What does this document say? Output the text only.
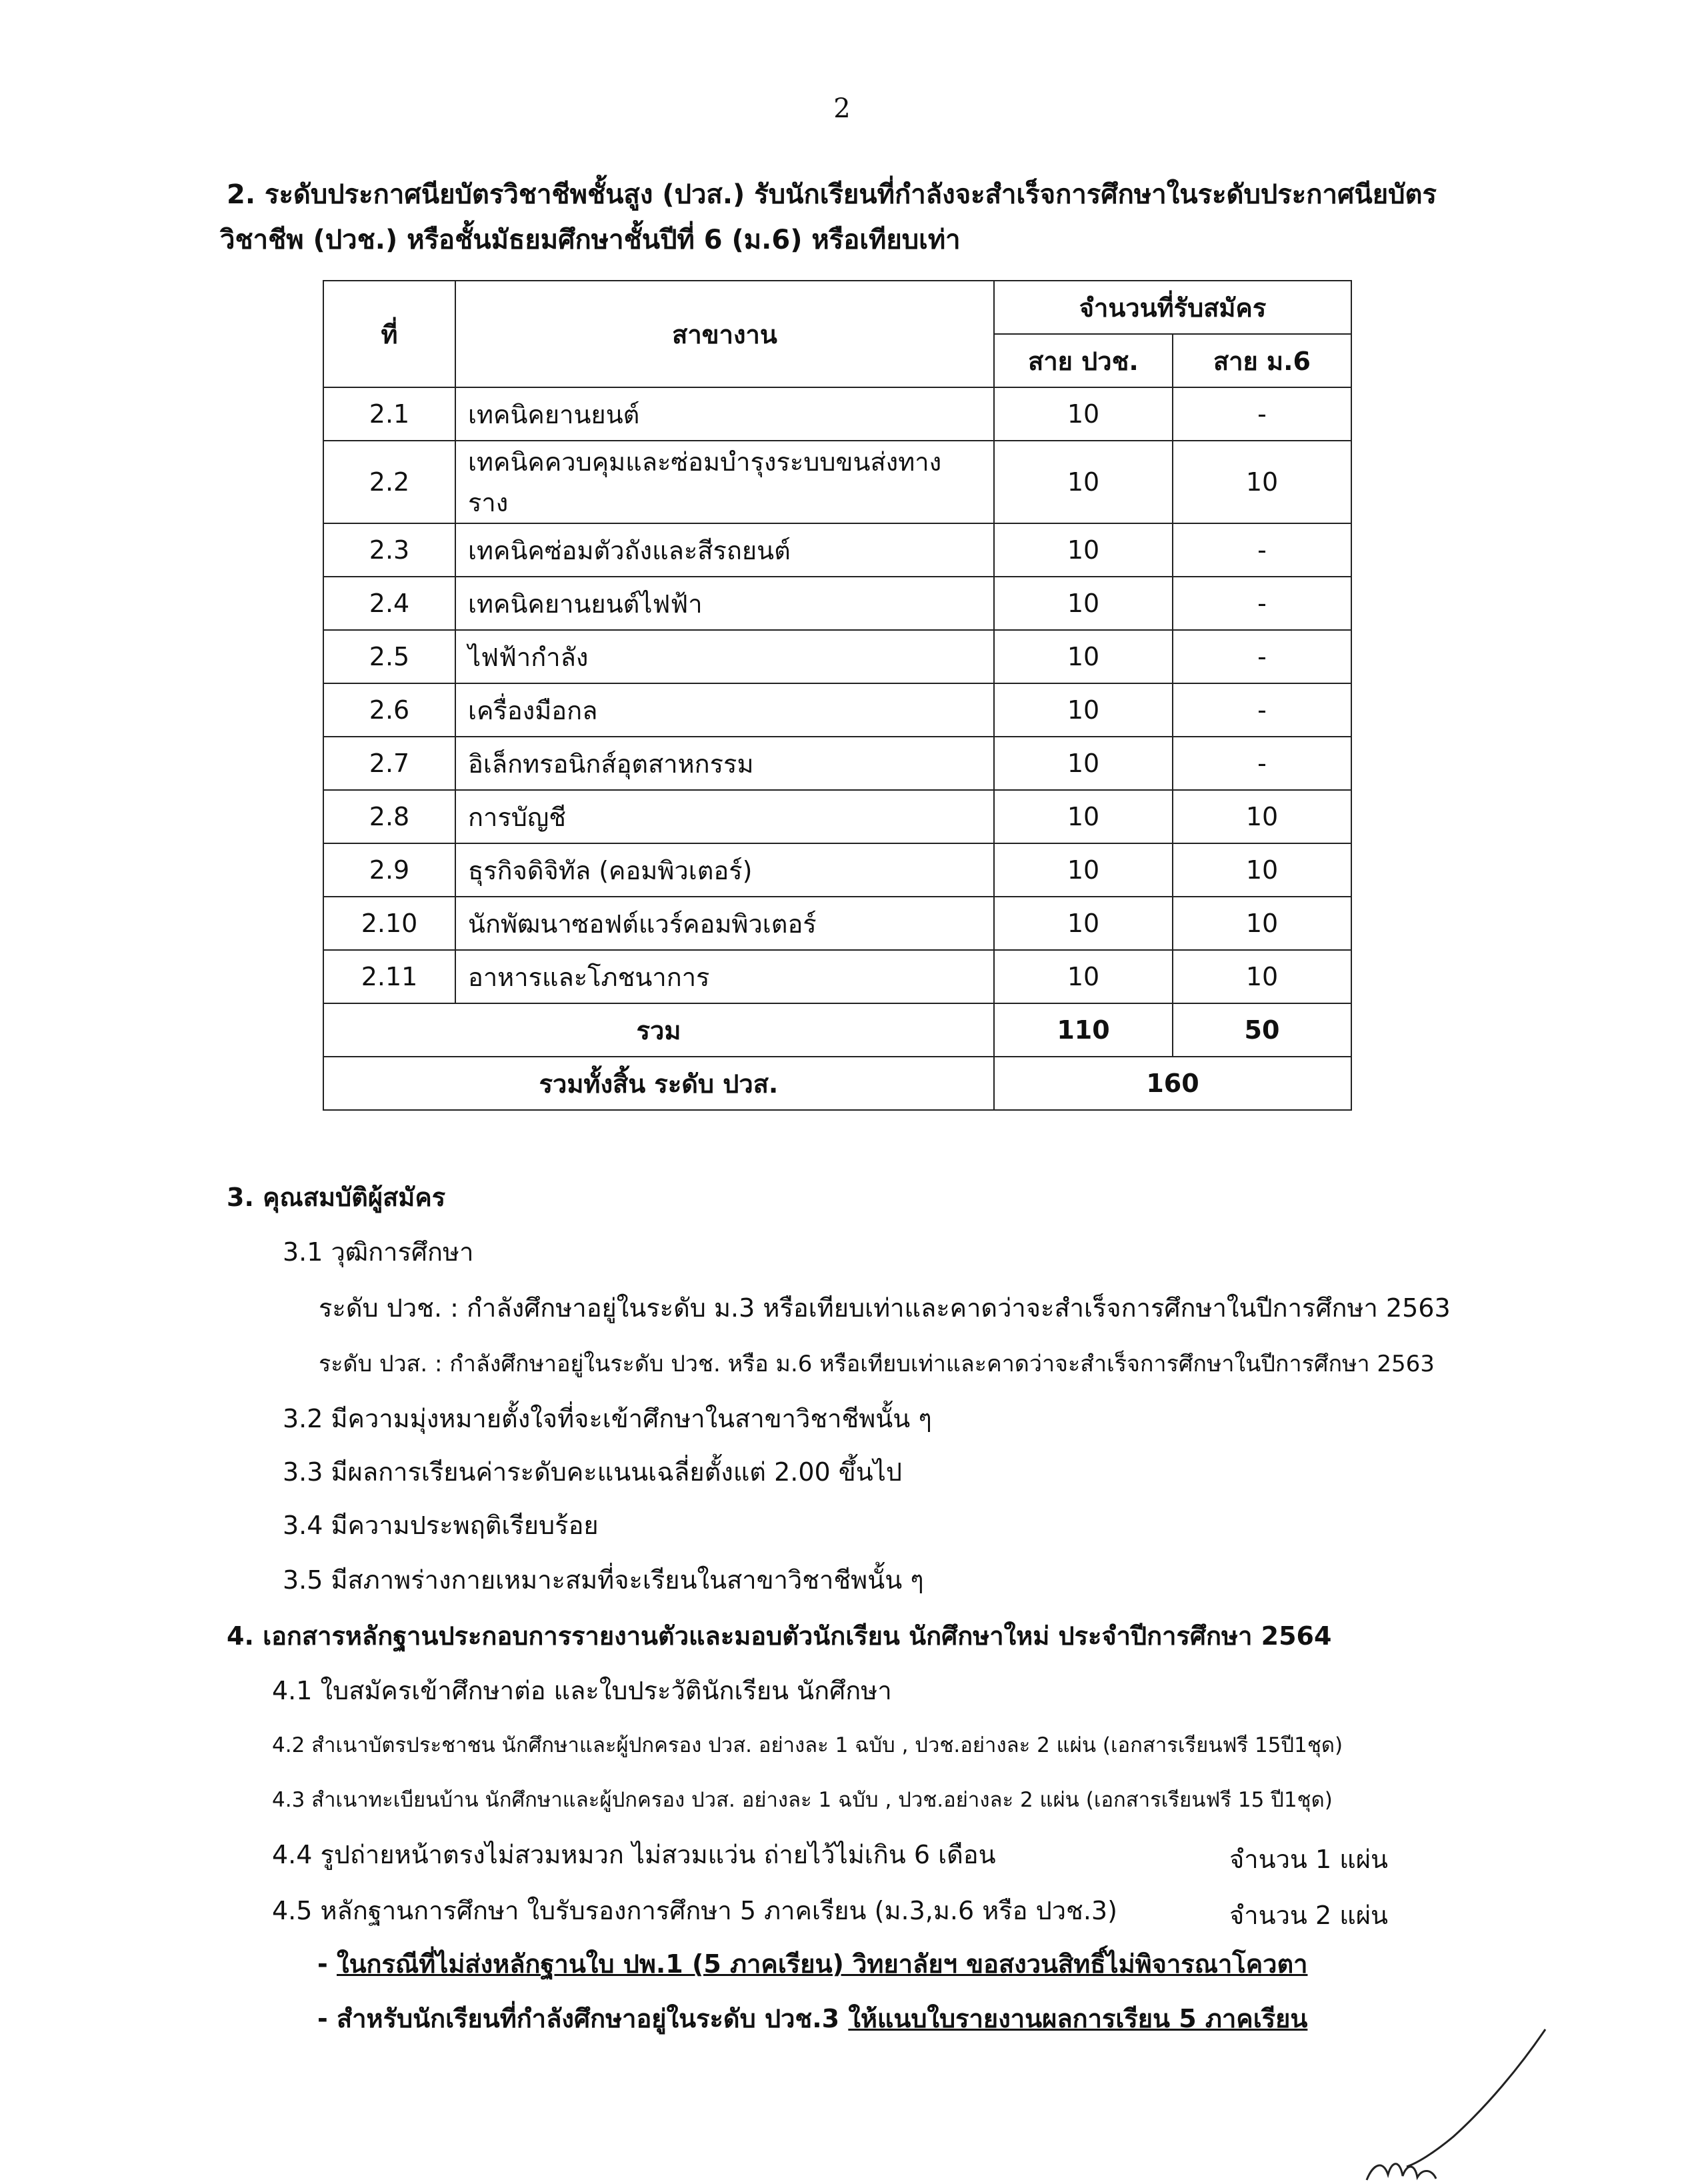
2
2. ระดับประกาศนียบัตรวิชาชีพชั้นสูง (ปวส.) รับนักเรียนที่กำลังจะสำเร็จการศึกษาในระดับประกาศนียบัตร
วิชาชีพ (ปวช.) หรือชั้นมัธยมศึกษาชั้นปีที่ 6 (ม.6) หรือเทียบเท่า
ที่	สาขางาน	จำนวนที่รับสมัคร	
		สาย ปวช.	สาย ม.6
2.1	เทคนิคยานยนต์	10	-
2.2	เทคนิคควบคุมและซ่อมบำรุงระบบขนส่งทางราง	10	10
2.3	เทคนิคซ่อมตัวถังและสีรถยนต์	10	-
2.4	เทคนิคยานยนต์ไฟฟ้า	10	-
2.5	ไฟฟ้ากำลัง	10	-
2.6	เครื่องมือกล	10	-
2.7	อิเล็กทรอนิกส์อุตสาหกรรม	10	-
2.8	การบัญชี	10	10
2.9	ธุรกิจดิจิทัล (คอมพิวเตอร์)	10	10
2.10	นักพัฒนาซอฟต์แวร์คอมพิวเตอร์	10	10
2.11	อาหารและโภชนาการ	10	10
รวม		110	50
รวมทั้งสิ้น ระดับ ปวส.		160	
3. คุณสมบัติผู้สมัคร
3.1 วุฒิการศึกษา
ระดับ ปวช. : กำลังศึกษาอยู่ในระดับ ม.3 หรือเทียบเท่าและคาดว่าจะสำเร็จการศึกษาในปีการศึกษา 2563
ระดับ ปวส. : กำลังศึกษาอยู่ในระดับ ปวช. หรือ ม.6 หรือเทียบเท่าและคาดว่าจะสำเร็จการศึกษาในปีการศึกษา 2563
3.2 มีความมุ่งหมายตั้งใจที่จะเข้าศึกษาในสาขาวิชาชีพนั้น ๆ
3.3 มีผลการเรียนค่าระดับคะแนนเฉลี่ยตั้งแต่ 2.00 ขึ้นไป
3.4 มีความประพฤติเรียบร้อย
3.5 มีสภาพร่างกายเหมาะสมที่จะเรียนในสาขาวิชาชีพนั้น ๆ
4. เอกสารหลักฐานประกอบการรายงานตัวและมอบตัวนักเรียน นักศึกษาใหม่ ประจำปีการศึกษา 2564
4.1 ใบสมัครเข้าศึกษาต่อ และใบประวัตินักเรียน นักศึกษา
4.2 สำเนาบัตรประชาชน นักศึกษาและผู้ปกครอง ปวส. อย่างละ 1 ฉบับ , ปวช.อย่างละ 2 แผ่น (เอกสารเรียนฟรี 15ปี1ชุด)
4.3 สำเนาทะเบียนบ้าน นักศึกษาและผู้ปกครอง ปวส. อย่างละ 1 ฉบับ , ปวช.อย่างละ 2 แผ่น (เอกสารเรียนฟรี 15 ปี1ชุด)
4.4 รูปถ่ายหน้าตรงไม่สวมหมวก ไม่สวมแว่น ถ่ายไว้ไม่เกิน 6 เดือน	จำนวน 1 แผ่น
4.5 หลักฐานการศึกษา ใบรับรองการศึกษา 5 ภาคเรียน (ม.3,ม.6 หรือ ปวช.3)	จำนวน 2 แผ่น
- ในกรณีที่ไม่ส่งหลักฐานใบ ปพ.1 (5 ภาคเรียน) วิทยาลัยฯ ขอสงวนสิทธิ์ไม่พิจารณาโควตา
- สำหรับนักเรียนที่กำลังศึกษาอยู่ในระดับ ปวช.3 ให้แนบใบรายงานผลการเรียน 5 ภาคเรียน
